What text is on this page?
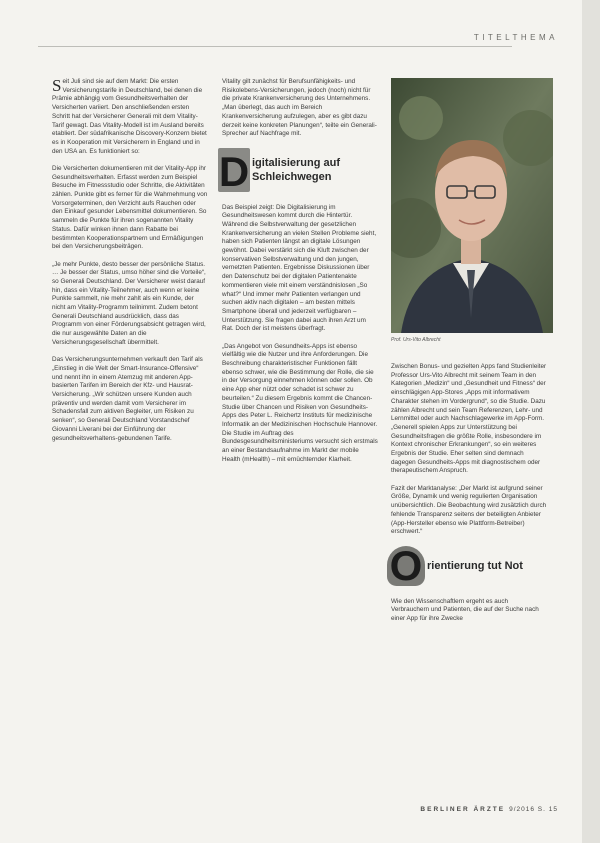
TITELTHEMA

Seit Juli sind sie auf dem Markt: Die ersten Versicherungstarife in Deutschland, bei denen die Prämie abhängig vom Gesundheitsverhalten der Versicherten variiert. Den anschließenden ersten Schritt hat der Versicherer Generali mit dem Vitality-Tarif gewagt. Das Vitality-Modell ist im Ausland bereits etabliert. Der südafrikanische Discovery-Konzern bietet es in Kooperation mit Versicherern in England und in den USA an. Es funktioniert so:

Die Versicherten dokumentieren mit der Vitality-App ihr Gesundheitsverhalten. Erfasst werden zum Beispiel Besuche im Fitnessstudio oder Schritte, die Aktivitäten zählen. Punkte gibt es ferner für die Wahrnehmung von Vorsorgeterminen, den Verzicht aufs Rauchen oder den Einkauf gesunder Lebensmittel dokumentieren. So sammeln die Punkte für ihren sogenannten Vitality Status. Dafür winken ihnen dann Rabatte bei bestimmten Kooperationspartnern und Ermäßigungen bei den Versicherungsbeiträgen.

„Je mehr Punkte, desto besser der persönliche Status. … Je besser der Status, umso höher sind die Vorteile“, so Generali Deutschland. Der Versicherer weist darauf hin, dass ein Vitality-Teilnehmer, auch wenn er keine Punkte sammelt, nie mehr zahlt als ein Kunde, der nicht am Vitality-Programm teilnimmt. Zudem betont Generali Deutschland ausdrücklich, dass das Programm von einer Förderungsabsicht getragen wird, die nur ausgewählte Daten an die Versicherungsgesellschaft übermittelt.

Das Versicherungsunternehmen verkauft den Tarif als „Einstieg in die Welt der Smart-Insurance-Offensive“ und nennt ihn in einem Atemzug mit anderen App-basierten Tarifen im Bereich der Kfz- und Hausrat-Versicherung. „Wir schützen unsere Kunden auch präventiv und werden damit vom Versicherer im Schadensfall zum aktiven Begleiter, um Risiken zu senken“, so Generali Deutschland Vorstandschef Giovanni Liverani bei der Einführung der gesundheitsverhaltens-gebundenen Tarife.

Vitality gilt zunächst für Berufsunfähigkeits- und Risikolebens-Versicherungen, jedoch (noch) nicht für die private Krankenversicherung des Unternehmens. „Man überlegt, das auch im Bereich Krankenversicherung aufzulegen, aber es gibt dazu derzeit keine konkreten Planungen“, teilte ein Generali-Sprecher auf Nachfrage mit.

D igitalisierung auf Schleichwegen

Das Beispiel zeigt: Die Digitalisierung im Gesundheitswesen kommt durch die Hintertür. Während die Selbstverwaltung der gesetzlichen Krankenversicherung an vielen Stellen Probleme sieht, haben sich Patienten längst an digitale Lösungen gewöhnt. Dabei verstärkt sich die Kluft zwischen der konservativen Selbstverwaltung und den jungen, vernetzten Patienten. Ergebnisse Diskussionen über den Datenschutz bei der digitalen Patientenakte kommentieren viele mit einem verständnislosen „So what?“ Und immer mehr Patienten verlangen und suchen aktiv nach digitalen – am besten mittels Smartphone überall und jederzeit verfügbaren – Unterstützung. Sie fragen dabei auch ihren Arzt um Rat. Doch der ist meistens überfragt.

„Das Angebot von Gesundheits-Apps ist ebenso vielfältig wie die Nutzer und ihre Anforderungen. Die Beschreibung charakteristischer Funktionen fällt ebenso schwer, wie die Bestimmung der Rolle, die sie in der Versorgung einnehmen können oder sollen. Ob eine App eher nützt oder schadet ist schwer zu beurteilen.“ Zu diesem Ergebnis kommt die Chancen-Studie über Chancen und Risiken von Gesundheits-Apps des Peter L. Reichertz Instituts für medizinische Informatik an der Medizinischen Hochschule Hannover. Die Studie im Auftrag des Bundesgesundheitsministeriums versucht sich erstmals an einer Bestandsaufnahme im Markt der mobile Health (mHealth) – mit ernüchternder Klarheit.

Prof. Urs-Vito Albrecht

Zwischen Bonus- und gezielten Apps fand Studienleiter Professor Urs-Vito Albrecht mit seinem Team in den Kategorien „Medizin“ und „Gesundheit und Fitness“ der einschlägigen App-Stores „Apps mit informativem Charakter stehen im Vordergrund“, so die Studie. Dazu zählen Albrecht und sein Team Referenzen, Lehr- und Lernmittel oder auch Nachschlagewerke im App-Form. „Generell spielen Apps zur Unterstützung bei Gesundheitsfragen die größte Rolle, insbesondere im Kontext chronischer Erkrankungen“, so ein weiteres Ergebnis der Studie. Eher selten sind demnach dagegen Gesundheits-Apps mit diagnostischem oder therapeutischem Anspruch.

Fazit der Marktanalyse: „Der Markt ist aufgrund seiner Größe, Dynamik und wenig regulierten Organisation unübersichtlich. Die Beobachtung wird zusätzlich durch fehlende Transparenz seitens der beteiligten Anbieter (App-Hersteller ebenso wie Plattform-Betreiber) erschwert.“

O rientierung tut Not

Wie den Wissenschaftlern ergeht es auch Verbrauchern und Patienten, die auf der Suche nach einer App für ihre Zwecke

BERLINER ÄRZTE 9/2016 S. 15
